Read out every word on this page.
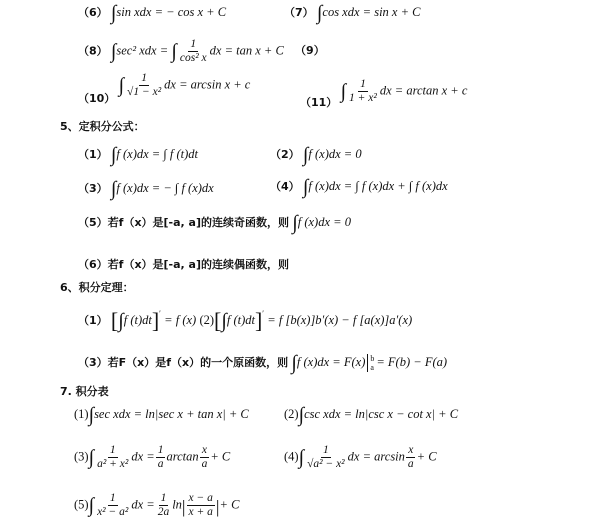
（6） ∫sin xdx = − cos x + C	（7） ∫cos xdx = sin x + C
（8） ∫sec² xdx = ∫ $\frac{1}{\text{cos² x}}$ dx = tan x + C （9）
$_{(10)}$ ∫ $\frac{1}{\text{√1 − x²}}$ dx = arcsin x + c
$_{(11)}$ ∫ $\frac{1}{\text{1 + x²}}$ dx = arctan x + c
5、定积分公式：
（1） ∫f (x)dx = ∫ f (t)dt	（2） ∫f (x)dx = 0
（3） ∫f (x)dx = − ∫ f (x)dx	（4） ∫f (x)dx = ∫ f (x)dx + ∫ f (x)dx
（5）若f（x）是[-a, a]的连续奇函数，则 ∫f (x)dx = 0
（6）若f（x）是[-a, a]的连续偶函数，则
6、积分定理：
（1） [∫f (t)dt]′ = f (x) (2)[∫f (t)dt]′ = f [b(x)]b′(x) − f [a(x)]a′(x)
（3）若F（x）是f（x）的一个原函数，则 ∫f (x)dx = F(x) b
a = F(b) − F(a)
7. 积分表
(1)∫sec xdx = ln|sec x + tan x| + C	(2)∫csc xdx = ln|csc x − cot x| + C
$(3)\int \frac{1}{\text{a² + x²}}$ dx = $\frac{1}{a}$ $\arctan \frac{x}{a} + C$	$(4)\int \frac{1}{\text{√a² − x²}}$ dx = $\arcsin \frac{x}{a} + C$
$(5)\int \frac{1}{\text{x² − a²}}$ dx = $\frac{1}{2a} \ln| \frac{x - a}{x + a}$ |+ C
